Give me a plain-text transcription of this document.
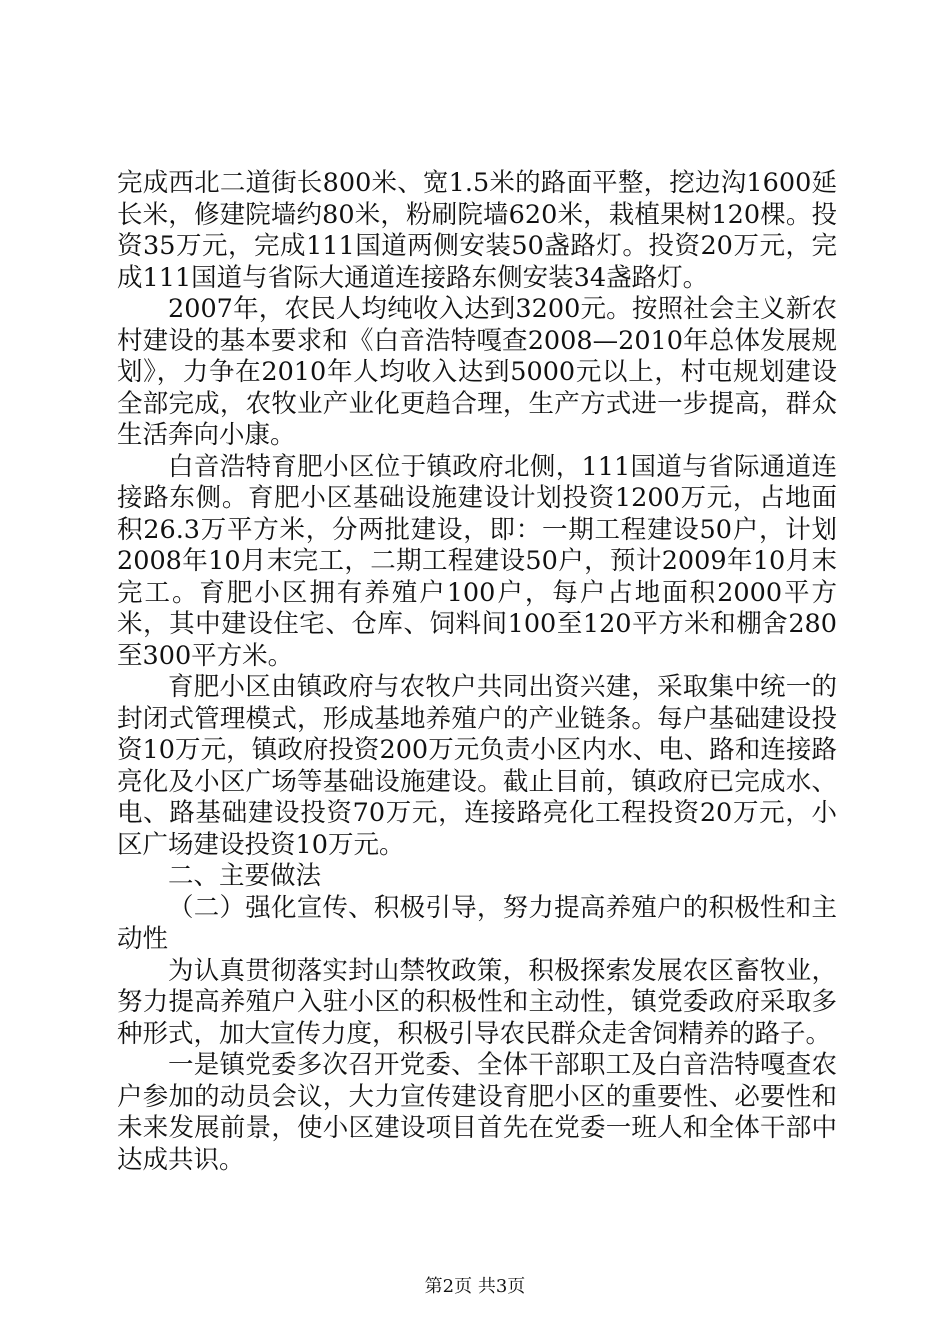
完成西北二道街长800米、宽1.5米的路面平整，挖边沟1600延长米，修建院墙约80米，粉刷院墙620米，栽植果树120棵。投资35万元，完成111国道两侧安装50盏路灯。投资20万元，完成111国道与省际大通道连接路东侧安装34盏路灯。

2007年，农民人均纯收入达到3200元。按照社会主义新农村建设的基本要求和《白音浩特嘎查2008—2010年总体发展规划》，力争在2010年人均收入达到5000元以上，村屯规划建设全部完成，农牧业产业化更趋合理，生产方式进一步提高，群众生活奔向小康。

白音浩特育肥小区位于镇政府北侧，111国道与省际通道连接路东侧。育肥小区基础设施建设计划投资1200万元，占地面积26.3万平方米，分两批建设，即：一期工程建设50户，计划2008年10月末完工，二期工程建设50户，预计2009年10月末完工。育肥小区拥有养殖户100户，每户占地面积2000平方米，其中建设住宅、仓库、饲料间100至120平方米和棚舍280至300平方米。

育肥小区由镇政府与农牧户共同出资兴建，采取集中统一的封闭式管理模式，形成基地养殖户的产业链条。每户基础建设投资10万元，镇政府投资200万元负责小区内水、电、路和连接路亮化及小区广场等基础设施建设。截止目前，镇政府已完成水、电、路基础建设投资70万元，连接路亮化工程投资20万元，小区广场建设投资10万元。

二、主要做法

（二）强化宣传、积极引导，努力提高养殖户的积极性和主动性

为认真贯彻落实封山禁牧政策，积极探索发展农区畜牧业，努力提高养殖户入驻小区的积极性和主动性，镇党委政府采取多种形式，加大宣传力度，积极引导农民群众走舍饲精养的路子。

一是镇党委多次召开党委、全体干部职工及白音浩特嘎查农户参加的动员会议，大力宣传建设育肥小区的重要性、必要性和未来发展前景，使小区建设项目首先在党委一班人和全体干部中达成共识。

第2页 共3页
